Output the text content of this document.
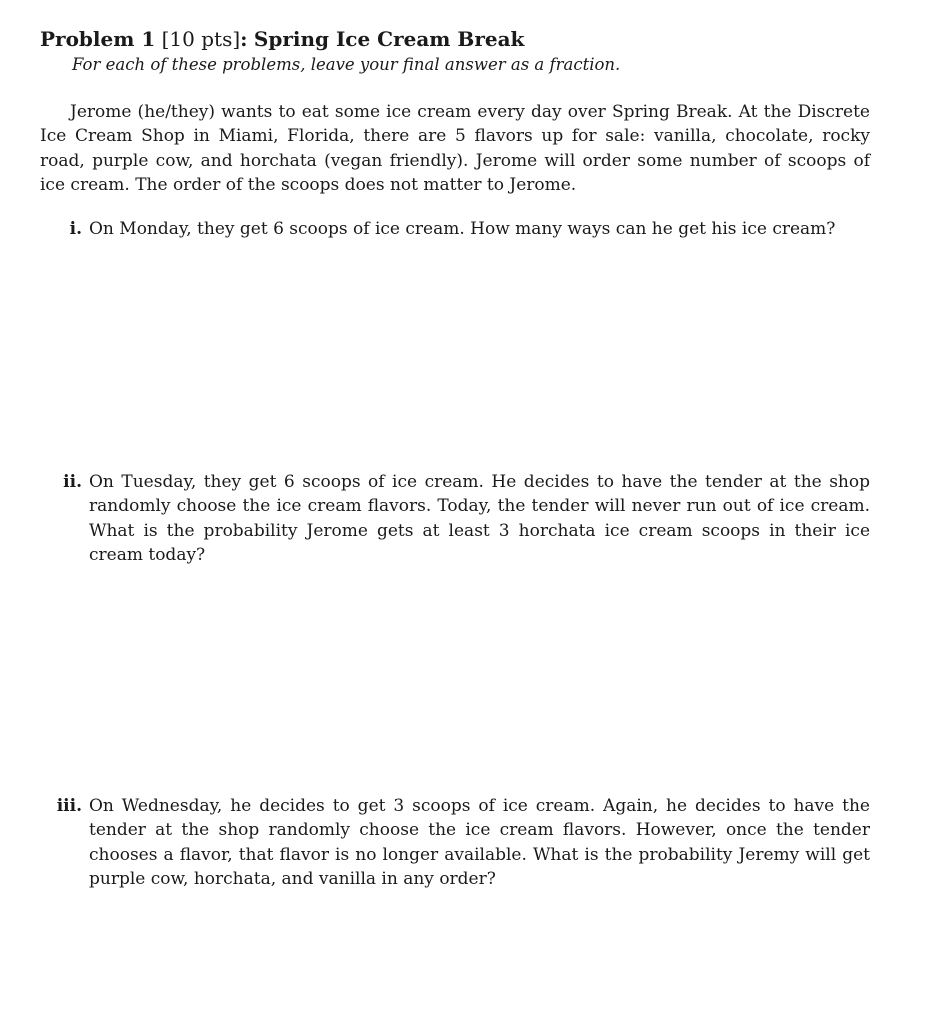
Problem 1 [10 pts]: Spring Ice Cream Break
For each of these problems, leave your final answer as a fraction.
Jerome (he/they) wants to eat some ice cream every day over Spring Break. At the Discrete Ice Cream Shop in Miami, Florida, there are 5 flavors up for sale: vanilla, chocolate, rocky road, purple cow, and horchata (vegan friendly). Jerome will order some number of scoops of ice cream. The order of the scoops does not matter to Jerome.
i. On Monday, they get 6 scoops of ice cream. How many ways can he get his ice cream?
ii. On Tuesday, they get 6 scoops of ice cream. He decides to have the tender at the shop randomly choose the ice cream flavors. Today, the tender will never run out of ice cream. What is the probability Jerome gets at least 3 horchata ice cream scoops in their ice cream today?
iii. On Wednesday, he decides to get 3 scoops of ice cream. Again, he decides to have the tender at the shop randomly choose the ice cream flavors. However, once the tender chooses a flavor, that flavor is no longer available. What is the probability Jeremy will get purple cow, horchata, and vanilla in any order?
